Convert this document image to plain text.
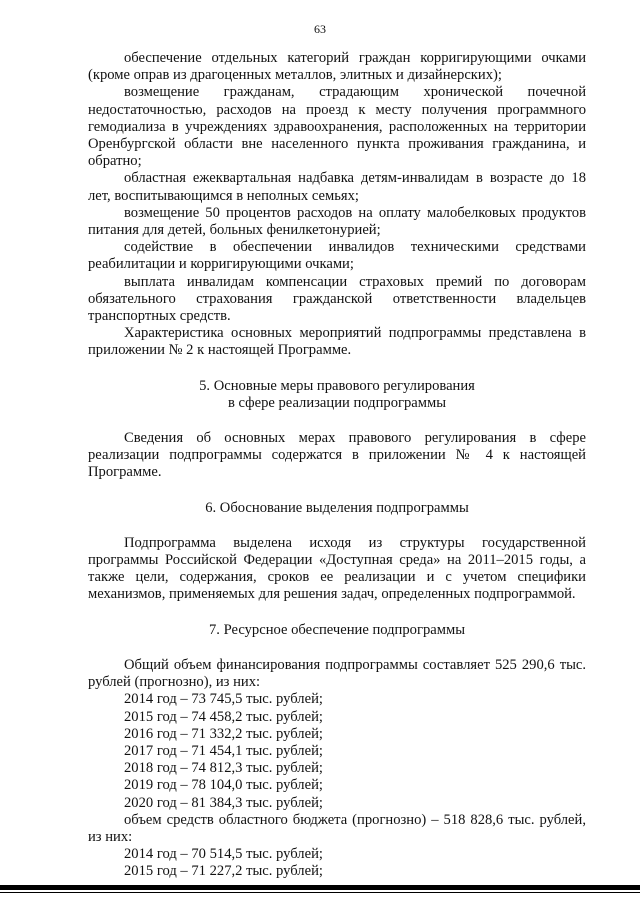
63

обеспечение отдельных категорий граждан корригирующими очками (кроме оправ из драгоценных металлов, элитных и дизайнерских);

возмещение гражданам, страдающим хронической почечной недостаточностью, расходов на проезд к месту получения программного гемодиализа в учреждениях здравоохранения, расположенных на территории Оренбургской области вне населенного пункта проживания гражданина, и обратно;

областная ежеквартальная надбавка детям-инвалидам в возрасте до 18 лет, воспитывающимся в неполных семьях;

возмещение 50 процентов расходов на оплату малобелковых продуктов питания для детей, больных фенилкетонурией;

содействие в обеспечении инвалидов техническими средствами реабилитации и корригирующими очками;

выплата инвалидам компенсации страховых премий по договорам обязательного страхования гражданской ответственности владельцев транспортных средств.

Характеристика основных мероприятий подпрограммы представлена в приложении № 2 к настоящей Программе.

5. Основные меры правового регулирования

в сфере реализации подпрограммы

Сведения об основных мерах правового регулирования в сфере реализации подпрограммы содержатся в приложении № 4 к настоящей Программе.

6. Обоснование выделения подпрограммы

Подпрограмма выделена исходя из структуры государственной программы Российской Федерации «Доступная среда» на 2011–2015 годы, а также цели, содержания, сроков ее реализации и с учетом специфики механизмов, применяемых для решения задач, определенных подпрограммой.

7. Ресурсное обеспечение подпрограммы

Общий объем финансирования подпрограммы составляет 525 290,6 тыс. рублей (прогнозно), из них:

2014 год – 73 745,5 тыс. рублей;

2015 год – 74 458,2 тыс. рублей;

2016 год – 71 332,2 тыс. рублей;

2017 год – 71 454,1 тыс. рублей;

2018 год – 74 812,3 тыс. рублей;

2019 год – 78 104,0 тыс. рублей;

2020 год – 81 384,3 тыс. рублей;

объем средств областного бюджета (прогнозно) – 518 828,6 тыс. рублей, из них:

2014 год – 70 514,5 тыс. рублей;

2015 год – 71 227,2 тыс. рублей;
